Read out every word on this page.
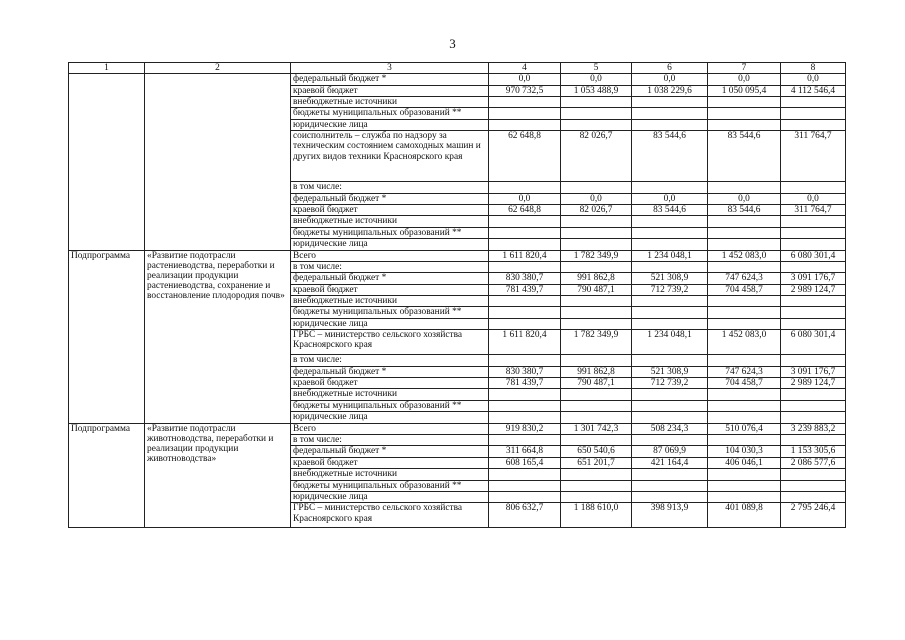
3
1	2	3	4	5	6	7	8
		федеральный бюджет *	0,0	0,0	0,0	0,0	0,0
		краевой бюджет	970 732,5	1 053 488,9	1 038 229,6	1 050 095,4	4 112 546,4
		внебюджетные источники					
		бюджеты муниципальных образований **					
		юридические лица					
		соисполнитель – служба по надзору за техническим состоянием самоходных машин и других видов техники Красноярского края	62 648,8	82 026,7	83 544,6	83 544,6	311 764,7
		в том числе:					
		федеральный бюджет *	0,0	0,0	0,0	0,0	0,0
		краевой бюджет	62 648,8	82 026,7	83 544,6	83 544,6	311 764,7
		внебюджетные источники					
		бюджеты муниципальных образований **					
		юридические лица					
Подпрограмма	«Развитие подотрасли растениеводства, переработки и реализации продукции растениеводства, сохранение и восстановление плодородия почв»	Всего	1 611 820,4	1 782 349,9	1 234 048,1	1 452 083,0	6 080 301,4
		в том числе:					
		федеральный бюджет *	830 380,7	991 862,8	521 308,9	747 624,3	3 091 176,7
		краевой бюджет	781 439,7	790 487,1	712 739,2	704 458,7	2 989 124,7
		внебюджетные источники					
		бюджеты муниципальных образований **					
		юридические лица					
		ГРБС – министерство сельского хозяйства Красноярского края	1 611 820,4	1 782 349,9	1 234 048,1	1 452 083,0	6 080 301,4
		в том числе:					
		федеральный бюджет *	830 380,7	991 862,8	521 308,9	747 624,3	3 091 176,7
		краевой бюджет	781 439,7	790 487,1	712 739,2	704 458,7	2 989 124,7
		внебюджетные источники					
		бюджеты муниципальных образований **					
		юридические лица					
Подпрограмма	«Развитие подотрасли животноводства, переработки и реализации продукции животноводства»	Всего	919 830,2	1 301 742,3	508 234,3	510 076,4	3 239 883,2
		в том числе:					
		федеральный бюджет *	311 664,8	650 540,6	87 069,9	104 030,3	1 153 305,6
		краевой бюджет	608 165,4	651 201,7	421 164,4	406 046,1	2 086 577,6
		внебюджетные источники					
		бюджеты муниципальных образований **					
		юридические лица					
		ГРБС – министерство сельского хозяйства Красноярского края	806 632,7	1 188 610,0	398 913,9	401 089,8	2 795 246,4
